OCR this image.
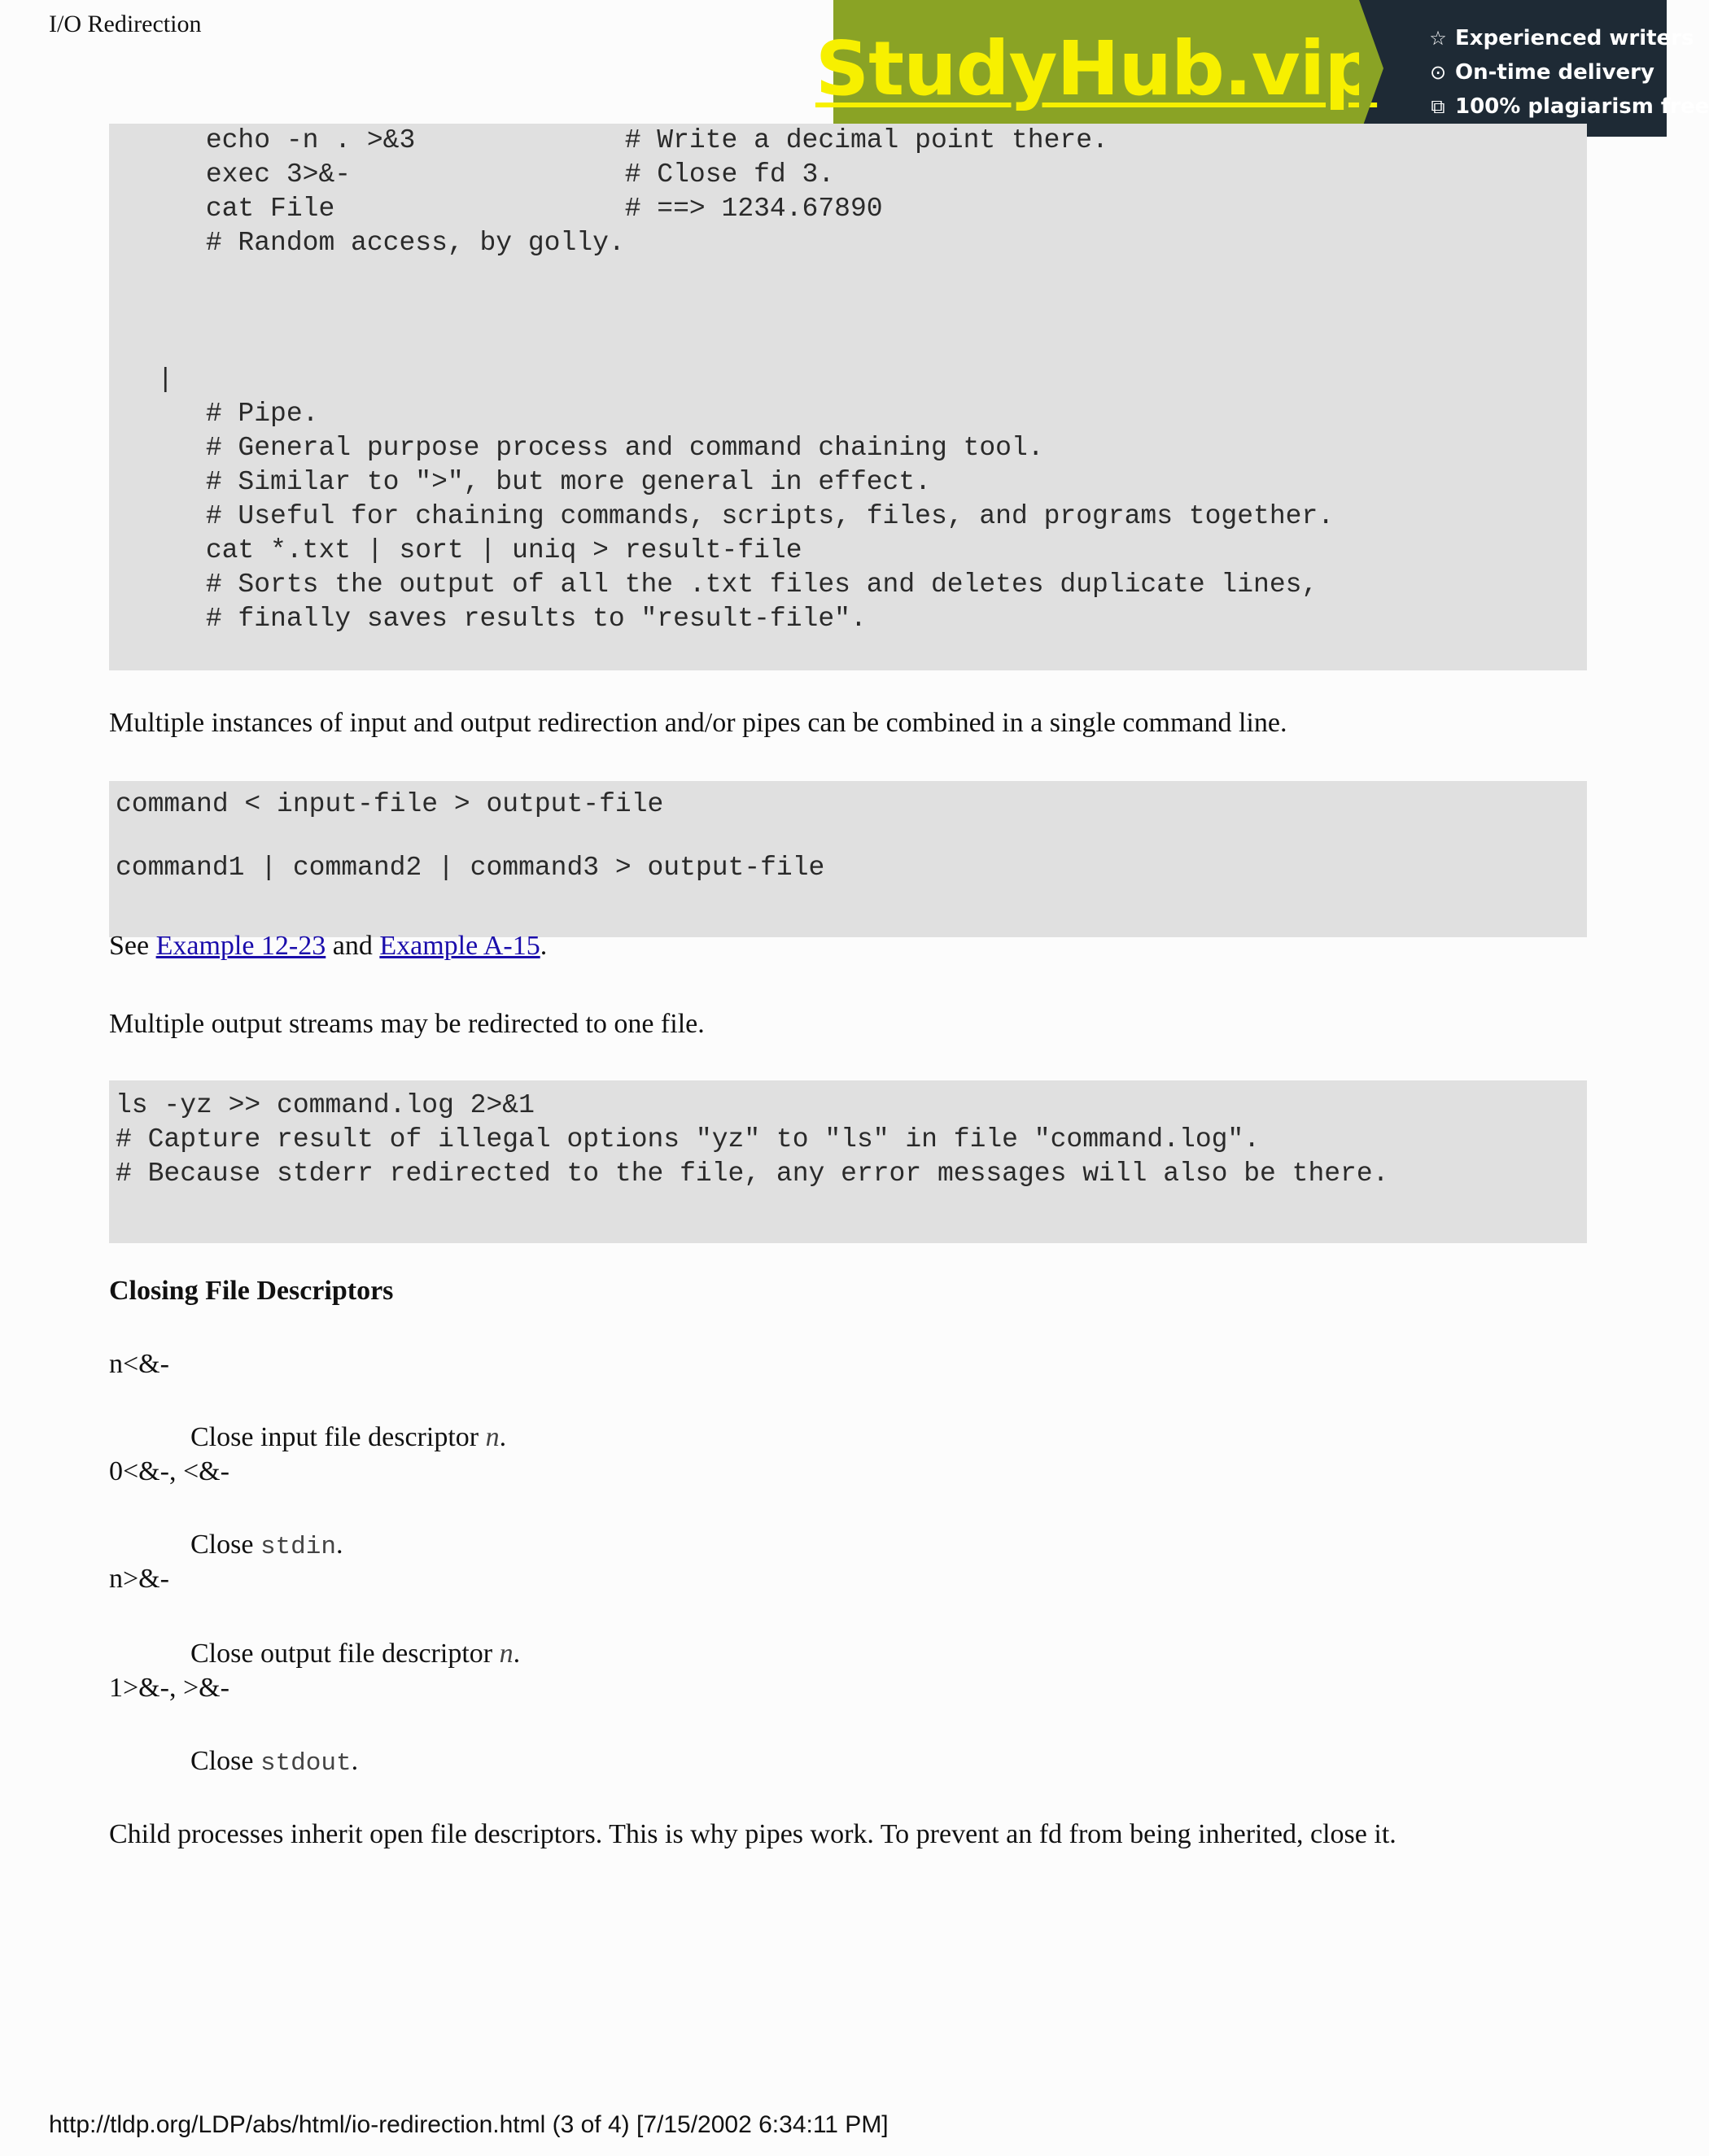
I/O Redirection
StudyHub.vip	☆ Experienced writers
⊙ On-time delivery
⧉ 100% plagiarism free
echo -n . >&3             # Write a decimal point there.
exec 3>&-                 # Close fd 3.
cat File                  # ==> 1234.67890
# Random access, by golly.
|
# Pipe.
# General purpose process and command chaining tool.
# Similar to ">", but more general in effect.
# Useful for chaining commands, scripts, files, and programs together.
cat *.txt | sort | uniq > result-file
# Sorts the output of all the .txt files and deletes duplicate lines,
# finally saves results to "result-file".
Multiple instances of input and output redirection and/or pipes can be combined in a single command line.
command < input-file > output-file
command1 | command2 | command3 > output-file
See Example 12-23 and Example A-15.
Multiple output streams may be redirected to one file.
ls -yz >> command.log 2>&1
# Capture result of illegal options "yz" to "ls" in file "command.log".
# Because stderr redirected to the file, any error messages will also be there.
Closing File Descriptors
n<&-
Close input file descriptor n.
0<&-, <&-
Close stdin.
n>&-
Close output file descriptor n.
1>&-, >&-
Close stdout.
Child processes inherit open file descriptors. This is why pipes work. To prevent an fd from being inherited, close it.
http://tldp.org/LDP/abs/html/io-redirection.html (3 of 4) [7/15/2002 6:34:11 PM]
